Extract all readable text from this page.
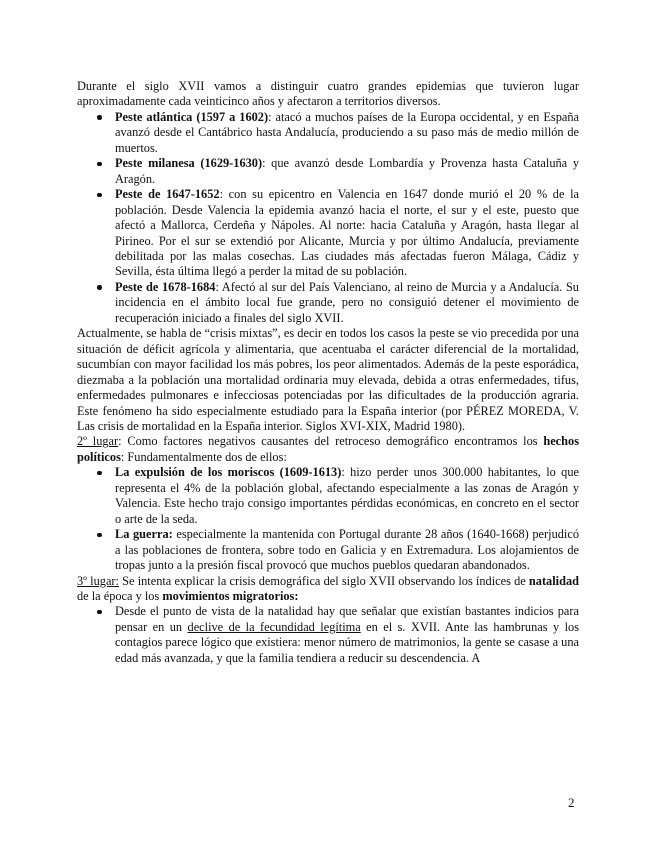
Durante el siglo XVII vamos a distinguir cuatro grandes epidemias que tuvieron lugar aproximadamente cada veinticinco años y afectaron a territorios diversos.

Peste atlántica (1597 a 1602): atacó a muchos países de la Europa occidental, y en España avanzó desde el Cantábrico hasta Andalucía, produciendo a su paso más de medio millón de muertos.
Peste milanesa (1629-1630): que avanzó desde Lombardía y Provenza hasta Cataluña y Aragón.
Peste de 1647-1652: con su epicentro en Valencia en 1647 donde murió el 20 % de la población. Desde Valencia la epidemia avanzó hacia el norte, el sur y el este, puesto que afectó a Mallorca, Cerdeña y Nápoles. Al norte: hacia Cataluña y Aragón, hasta llegar al Pirineo. Por el sur se extendió por Alicante, Murcia y por último Andalucía, previamente debilitada por las malas cosechas. Las ciudades más afectadas fueron Málaga, Cádiz y Sevilla, ésta última llegó a perder la mitad de su población.
Peste de 1678-1684: Afectó al sur del País Valenciano, al reino de Murcia y a Andalucía. Su incidencia en el ámbito local fue grande, pero no consiguió detener el movimiento de recuperación iniciado a finales del siglo XVII.

Actualmente, se habla de “crisis mixtas”, es decir en todos los casos la peste se vio precedida por una situación de déficit agrícola y alimentaria, que acentuaba el carácter diferencial de la mortalidad, sucumbían con mayor facilidad los más pobres, los peor alimentados. Además de la peste esporádica, diezmaba a la población una mortalidad ordinaria muy elevada, debida a otras enfermedades, tifus, enfermedades pulmonares e infecciosas potenciadas por las dificultades de la producción agraria. Este fenómeno ha sido especialmente estudiado para la España interior (por PÉREZ MOREDA, V. Las crisis de mortalidad en la España interior. Siglos XVI-XIX, Madrid 1980).

2º lugar: Como factores negativos causantes del retroceso demográfico encontramos los hechos políticos: Fundamentalmente dos de ellos:

La expulsión de los moriscos (1609-1613): hizo perder unos 300.000 habitantes, lo que representa el 4% de la población global, afectando especialmente a las zonas de Aragón y Valencia. Este hecho trajo consigo importantes pérdidas económicas, en concreto en el sector o arte de la seda.
La guerra: especialmente la mantenida con Portugal durante 28 años (1640-1668) perjudicó a las poblaciones de frontera, sobre todo en Galicia y en Extremadura. Los alojamientos de tropas junto a la presión fiscal provocó que muchos pueblos quedaran abandonados.

3º lugar: Se intenta explicar la crisis demográfica del siglo XVII observando los índices de natalidad de la época y los movimientos migratorios:

Desde el punto de vista de la natalidad hay que señalar que existían bastantes indicios para pensar en un declive de la fecundidad legítima en el s. XVII. Ante las hambrunas y los contagios parece lógico que existiera: menor número de matrimonios, la gente se casase a una edad más avanzada, y que la familia tendiera a reducir su descendencia. A
2
